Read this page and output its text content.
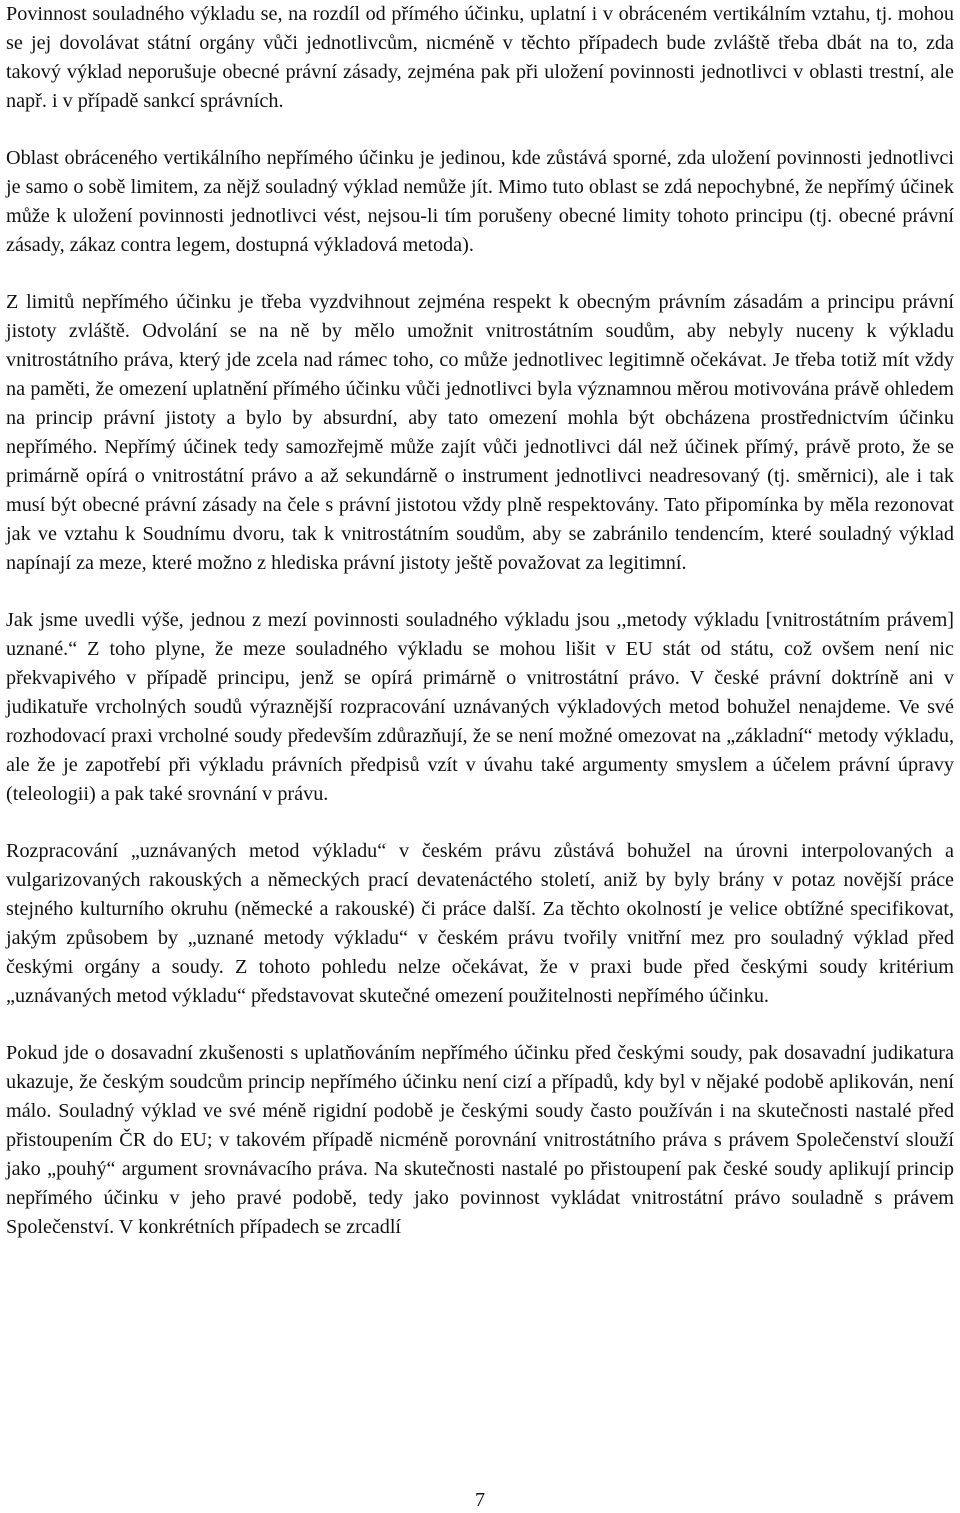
Povinnost souladného výkladu se, na rozdíl od přímého účinku, uplatní i v obráceném vertikálním vztahu, tj. mohou se jej dovolávat státní orgány vůči jednotlivcům, nicméně v těchto případech bude zvláště třeba dbát na to, zda takový výklad neporušuje obecné právní zásady, zejména pak při uložení povinnosti jednotlivci v oblasti trestní, ale např. i v případě sankcí správních.

Oblast obráceného vertikálního nepřímého účinku je jedinou, kde zůstává sporné, zda uložení povinnosti jednotlivci je samo o sobě limitem, za nějž souladný výklad nemůže jít. Mimo tuto oblast se zdá nepochybné, že nepřímý účinek může k uložení povinnosti jednotlivci vést, nejsou-li tím porušeny obecné limity tohoto principu (tj. obecné právní zásady, zákaz contra legem, dostupná výkladová metoda).

Z limitů nepřímého účinku je třeba vyzdvihnout zejména respekt k obecným právním zásadám a principu právní jistoty zvláště. Odvolání se na ně by mělo umožnit vnitrostátním soudům, aby nebyly nuceny k výkladu vnitrostátního práva, který jde zcela nad rámec toho, co může jednotlivec legitimně očekávat. Je třeba totiž mít vždy na paměti, že omezení uplatnění přímého účinku vůči jednotlivci byla významnou měrou motivována právě ohledem na princip právní jistoty a bylo by absurdní, aby tato omezení mohla být obcházena prostřednictvím účinku nepřímého. Nepřímý účinek tedy samozřejmě může zajít vůči jednotlivci dál než účinek přímý, právě proto, že se primárně opírá o vnitrostátní právo a až sekundárně o instrument jednotlivci neadresovaný (tj. směrnici), ale i tak musí být obecné právní zásady na čele s právní jistotou vždy plně respektovány. Tato připomínka by měla rezonovat jak ve vztahu k Soudnímu dvoru, tak k vnitrostátním soudům, aby se zabránilo tendencím, které souladný výklad napínají za meze, které možno z hlediska právní jistoty ještě považovat za legitimní.

Jak jsme uvedli výše, jednou z mezí povinnosti souladného výkladu jsou ,,metody výkladu [vnitrostátním právem] uznané.“ Z toho plyne, že meze souladného výkladu se mohou lišit v EU stát od státu, což ovšem není nic překvapivého v případě principu, jenž se opírá primárně o vnitrostátní právo. V české právní doktríně ani v judikatuře vrcholných soudů výraznější rozpracování uznávaných výkladových metod bohužel nenajdeme. Ve své rozhodovací praxi vrcholné soudy především zdůrazňují, že se není možné omezovat na „základní“ metody výkladu, ale že je zapotřebí při výkladu právních předpisů vzít v úvahu také argumenty smyslem a účelem právní úpravy (teleologii) a pak také srovnání v právu.

Rozpracování „uznávaných metod výkladu“ v českém právu zůstává bohužel na úrovni interpolovaných a vulgarizovaných rakouských a německých prací devatenáctého století, aniž by byly brány v potaz novější práce stejného kulturního okruhu (německé a rakouské) či práce další. Za těchto okolností je velice obtížné specifikovat, jakým způsobem by „uznané metody výkladu“ v českém právu tvořily vnitřní mez pro souladný výklad před českými orgány a soudy. Z tohoto pohledu nelze očekávat, že v praxi bude před českými soudy kritérium „uznávaných metod výkladu“ představovat skutečné omezení použitelnosti nepřímého účinku.

Pokud jde o dosavadní zkušenosti s uplatňováním nepřímého účinku před českými soudy, pak dosavadní judikatura ukazuje, že českým soudcům princip nepřímého účinku není cizí a případů, kdy byl v nějaké podobě aplikován, není málo. Souladný výklad ve své méně rigidní podobě je českými soudy často používán i na skutečnosti nastalé před přistoupením ČR do EU; v takovém případě nicméně porovnání vnitrostátního práva s právem Společenství slouží jako „pouhý“ argument srovnávacího práva. Na skutečnosti nastalé po přistoupení pak české soudy aplikují princip nepřímého účinku v jeho pravé podobě, tedy jako povinnost vykládat vnitrostátní právo souladně s právem Společenství. V konkrétních případech se zrcadlí

7
